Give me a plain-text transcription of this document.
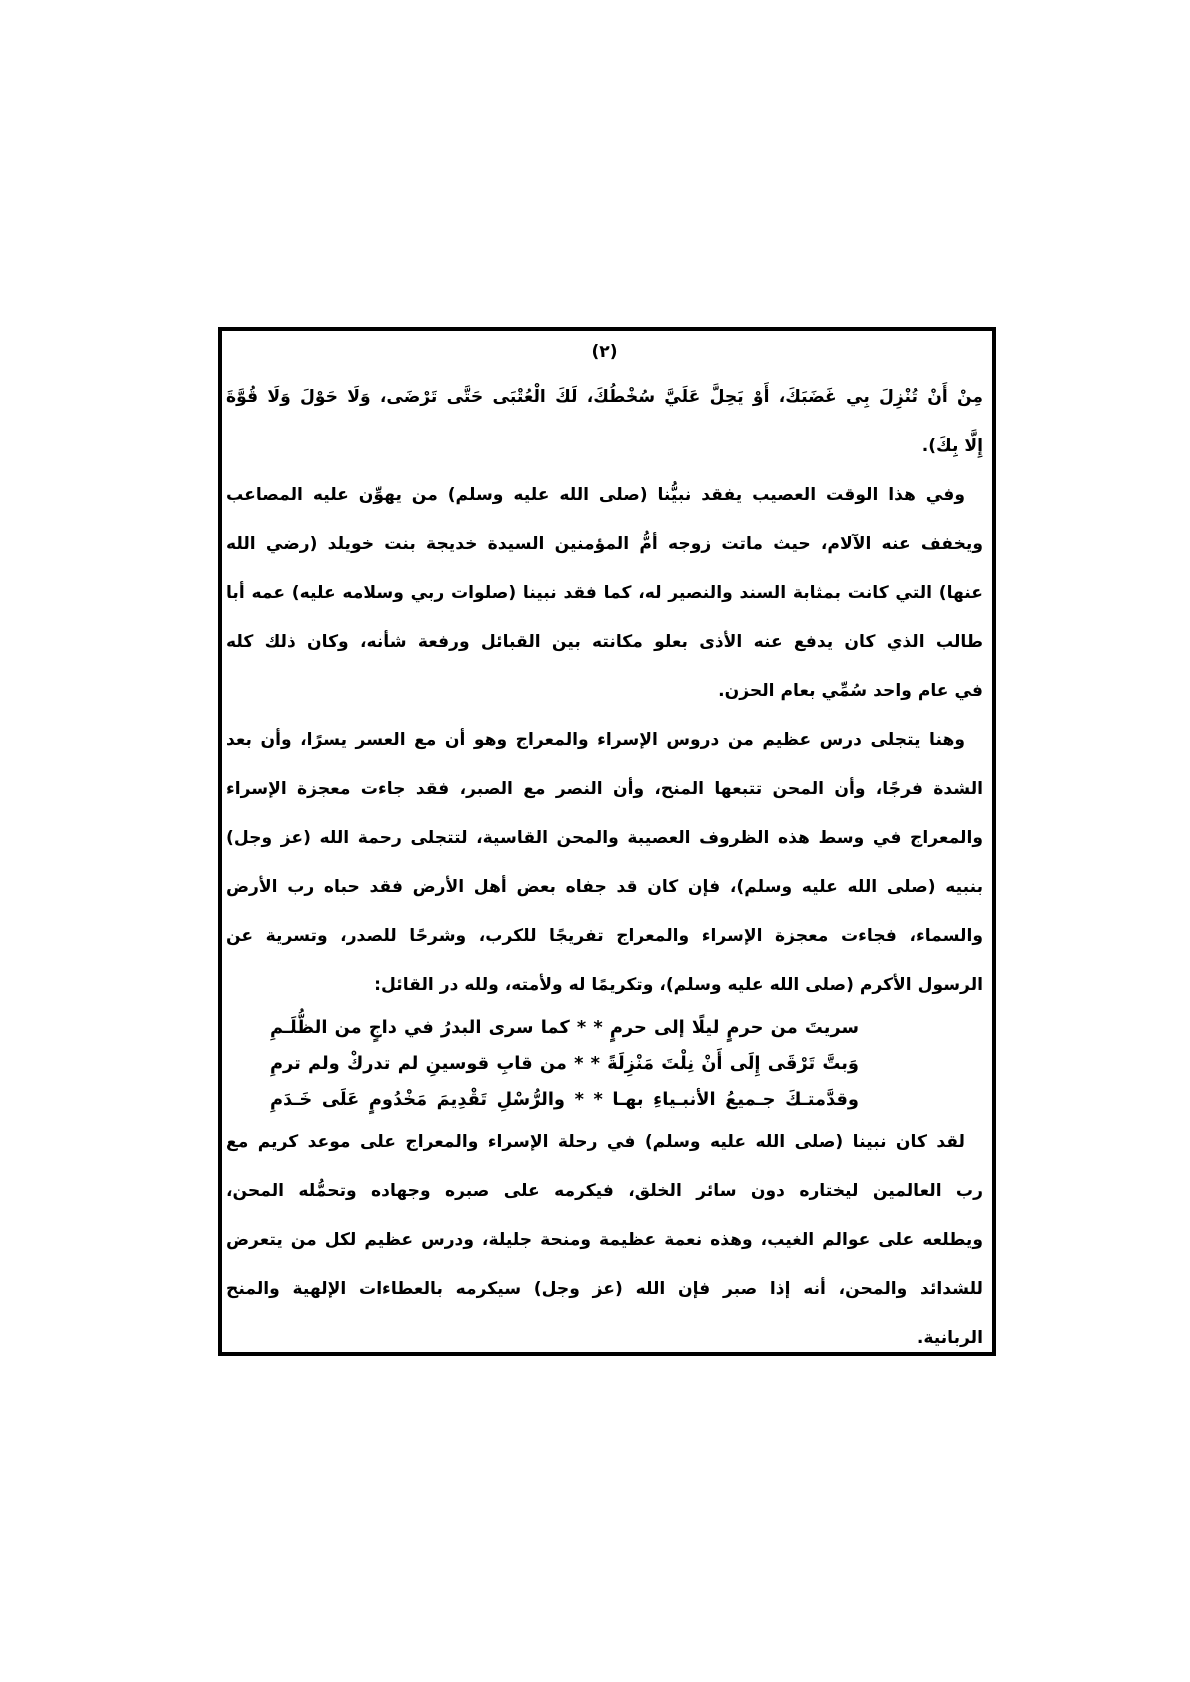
(٢)
مِنْ أَنْ تُنْزِلَ بِي غَضَبَكَ، أَوْ يَحِلَّ عَلَيَّ سُخْطُكَ، لَكَ الْعُتْبَى حَتَّى تَرْضَى، وَلَا حَوْلَ وَلَا قُوَّةَ
إِلَّا بِكَ).
وفي هذا الوقت العصيب يفقد نبيُّنا (صلى الله عليه وسلم) من يهوِّن عليه المصاعب
ويخفف عنه الآلام، حيث ماتت زوجه أمُّ المؤمنين السيدة خديجة بنت خويلد (رضي الله
عنها) التي كانت بمثابة السند والنصير له، كما فقد نبينا (صلوات ربي وسلامه عليه) عمه أبا
طالب الذي كان يدفع عنه الأذى بعلو مكانته بين القبائل ورفعة شأنه، وكان ذلك كله
في عام واحد سُمِّي بعام الحزن.
وهنا يتجلى درس عظيم من دروس الإسراء والمعراج وهو أن مع العسر يسرًا، وأن بعد
الشدة فرجًا، وأن المحن تتبعها المنح، وأن النصر مع الصبر، فقد جاءت معجزة الإسراء
والمعراج في وسط هذه الظروف العصيبة والمحن القاسية، لتتجلى رحمة الله (عز وجل)
بنبيه (صلى الله عليه وسلم)، فإن كان قد جفاه بعض أهل الأرض فقد حباه رب الأرض
والسماء، فجاءت معجزة الإسراء والمعراج تفريجًا للكرب، وشرحًا للصدر، وتسرية عن
الرسول الأكرم (صلى الله عليه وسلم)، وتكريمًا له ولأمته، ولله در القائل:
سريتَ من حرمٍ ليلًا إلى حرمٍ * * كما سرى البدرُ في داجٍ من الظُّلَـمِ
وَبتَّ تَرْقَى إِلَى أَنْ نِلْتَ مَنْزِلَةً * * من قابِ قوسينِ لم تدركْ ولم ترمِ
وقدَّمتـكَ جـميعُ الأنبـياءِ بهـا * * والرُّسْلِ تَقْدِيمَ مَخْدُومٍ عَلَى خَـدَمِ
لقد كان نبينا (صلى الله عليه وسلم) في رحلة الإسراء والمعراج على موعد كريم مع
رب العالمين ليختاره دون سائر الخلق، فيكرمه على صبره وجهاده وتحمُّله المحن،
ويطلعه على عوالم الغيب، وهذه نعمة عظيمة ومنحة جليلة، ودرس عظيم لكل من يتعرض
للشدائد والمحن، أنه إذا صبر فإن الله (عز وجل) سيكرمه بالعطاءات الإلهية والمنح
الربانية.
